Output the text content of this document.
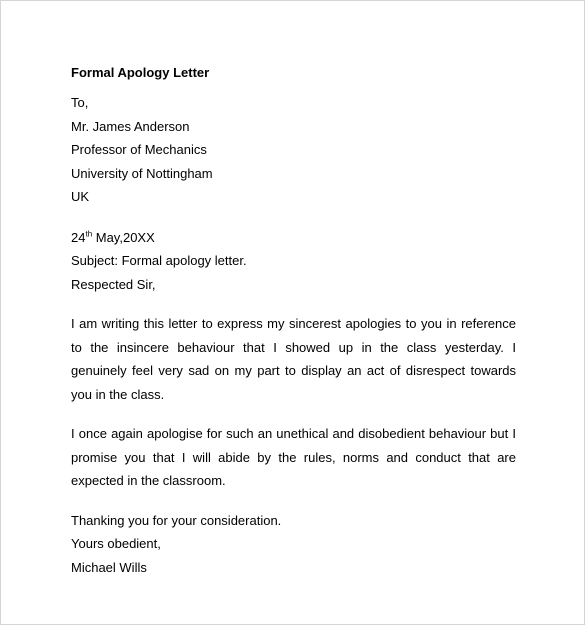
Formal Apology Letter
To,
Mr. James Anderson
Professor of Mechanics
University of Nottingham
UK
24th May,20XX
Subject: Formal apology letter.
Respected Sir,

I am writing this letter to express my sincerest apologies to you in reference to the insincere behaviour that I showed up in the class yesterday. I genuinely feel very sad on my part to display an act of disrespect towards you in the class.

I once again apologise for such an unethical and disobedient behaviour but I promise you that I will abide by the rules, norms and conduct that are expected in the classroom.

Thanking you for your consideration.
Yours obedient,
Michael Wills
